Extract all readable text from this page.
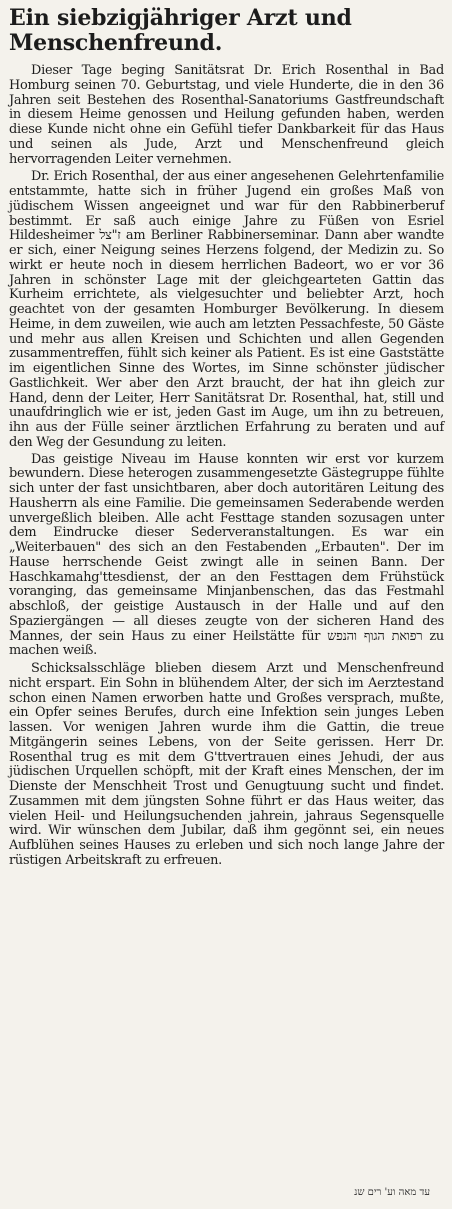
Ein siebzigjähriger Arzt und Menschenfreund.

Dieser Tage beging Sanitätsrat Dr. Erich Rosenthal in Bad Homburg seinen 70. Geburtstag, und viele Hunderte, die in den 36 Jahren seit Bestehen des Rosenthal-Sanatoriums Gastfreundschaft in diesem Heime genossen und Heilung gefunden haben, werden diese Kunde nicht ohne ein Gefühl tiefer Dankbarkeit für das Haus und seinen als Jude, Arzt und Menschenfreund gleich hervorragenden Leiter vernehmen.

Dr. Erich Rosenthal, der aus einer angesehenen Gelehrtenfamilie entstammte, hatte sich in früher Jugend ein großes Maß von jüdischem Wissen angeeignet und war für den Rabbinerberuf bestimmt. Er saß auch einige Jahre zu Füßen von Esriel Hildesheimer ז"צל am Berliner Rabbinerseminar. Dann aber wandte er sich, einer Neigung seines Herzens folgend, der Medizin zu. So wirkt er heute noch in diesem herrlichen Badeort, wo er vor 36 Jahren in schönster Lage mit der gleichgearteten Gattin das Kurheim errichtete, als vielgesuchter und beliebter Arzt, hoch geachtet von der gesamten Homburger Bevölkerung. In diesem Heime, in dem zuweilen, wie auch am letzten Pessachfeste, 50 Gäste und mehr aus allen Kreisen und Schichten und allen Gegenden zusammentreffen, fühlt sich keiner als Patient. Es ist eine Gaststätte im eigentlichen Sinne des Wortes, im Sinne schönster jüdischer Gastlichkeit. Wer aber den Arzt braucht, der hat ihn gleich zur Hand, denn der Leiter, Herr Sanitätsrat Dr. Rosenthal, hat, still und unaufdringlich wie er ist, jeden Gast im Auge, um ihn zu betreuen, ihn aus der Fülle seiner ärztlichen Erfahrung zu beraten und auf den Weg der Gesundung zu leiten.

Das geistige Niveau im Hause konnten wir erst vor kurzem bewundern. Diese heterogen zusammengesetzte Gästegruppe fühlte sich unter der fast unsichtbaren, aber doch autoritären Leitung des Hausherrn als eine Familie. Die gemeinsamen Sederabende werden unvergeßlich bleiben. Alle acht Festtage standen sozusagen unter dem Eindrucke dieser Sederveranstaltungen. Es war ein „Weiterbauen" des sich an den Festabenden „Erbauten". Der im Hause herrschende Geist zwingt alle in seinen Bann. Der Haschkamahg'ttesdienst, der an den Festtagen dem Frühstück voranging, das gemeinsame Minjanbenschen, das das Festmahl abschloß, der geistige Austausch in der Halle und auf den Spaziergängen — all dieses zeugte von der sicheren Hand des Mannes, der sein Haus zu einer Heilstätte für רפואת הגוף והנפש zu machen weiß.

Schicksalsschläge blieben diesem Arzt und Menschenfreund nicht erspart. Ein Sohn in blühendem Alter, der sich im Aerztestand schon einen Namen erworben hatte und Großes versprach, mußte, ein Opfer seines Berufes, durch eine Infektion sein junges Leben lassen. Vor wenigen Jahren wurde ihm die Gattin, die treue Mitgängerin seines Lebens, von der Seite gerissen. Herr Dr. Rosenthal trug es mit dem G'ttvertrauen eines Jehudi, der aus jüdischen Urquellen schöpft, mit der Kraft eines Menschen, der im Dienste der Menschheit Trost und Genugtuung sucht und findet. Zusammen mit dem jüngsten Sohne führt er das Haus weiter, das vielen Heil- und Heilungsuchenden jahrein, jahraus Segensquelle wird. Wir wünschen dem Jubilar, daß ihm gegönnt sei, ein neues Aufblühen seines Hauses zu erleben und sich noch lange Jahre der rüstigen Arbeitskraft zu erfreuen.

עד מאה וע' רים שנ
